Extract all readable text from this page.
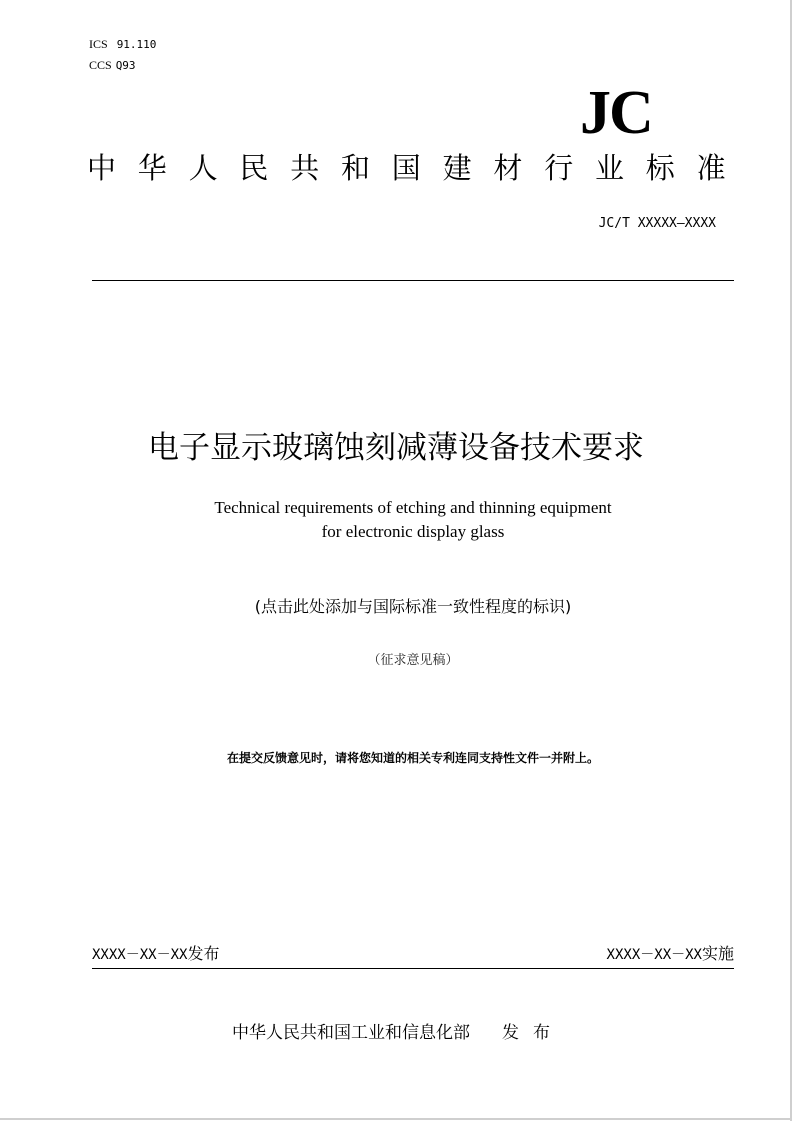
ICS 91.110
CCS Q93
JC
中华人民共和国建材行业标准
JC/T XXXXX—XXXX
电子显示玻璃蚀刻减薄设备技术要求
Technical requirements of etching and thinning equipment
for electronic display glass
(点击此处添加与国际标准一致性程度的标识)
（征求意见稿）
在提交反馈意见时，请将您知道的相关专利连同支持性文件一并附上。
XXXX－XX－XX发布	XXXX－XX－XX实施
中华人民共和国工业和信息化部 发布
